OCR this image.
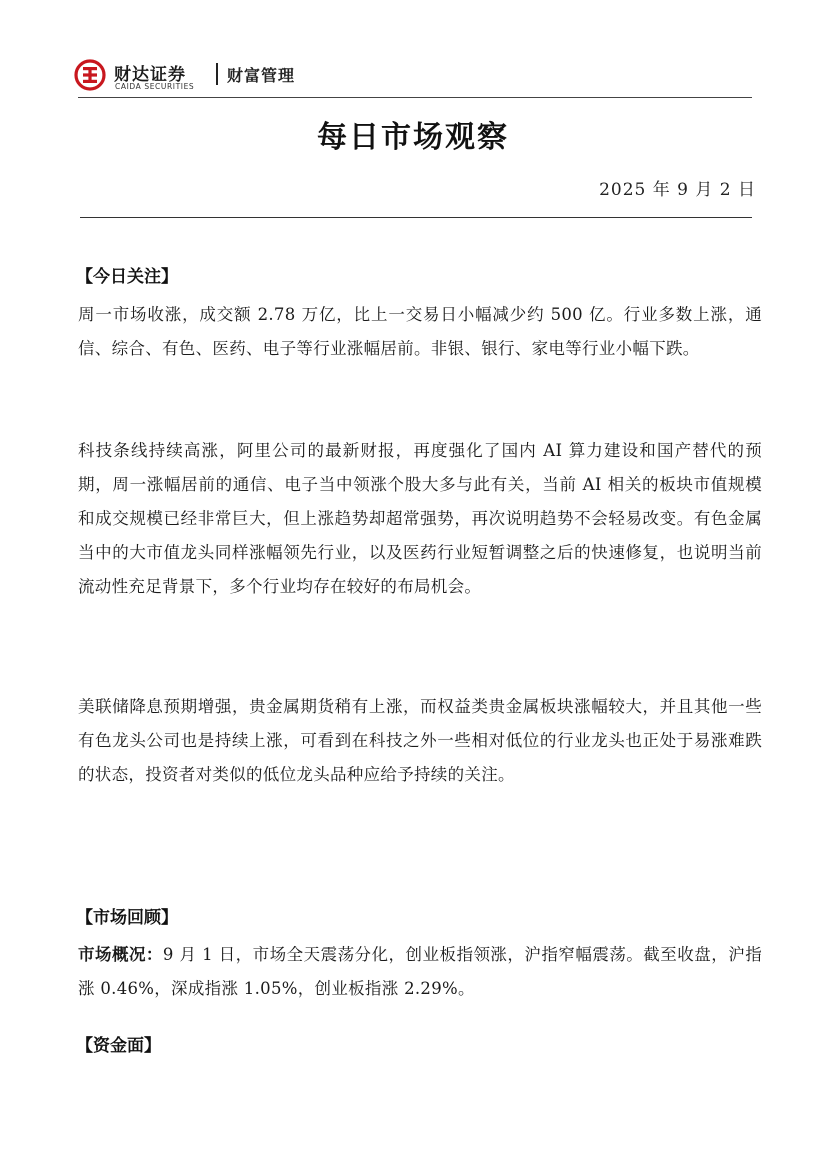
财达证券
CAIDA SECURITIES
财富管理
每日市场观察
2025 年 9 月 2 日
【今日关注】
周一市场收涨，成交额 2.78 万亿，比上一交易日小幅减少约 500 亿。行业多数上涨，通信、综合、有色、医药、电子等行业涨幅居前。非银、银行、家电等行业小幅下跌。
科技条线持续高涨，阿里公司的最新财报，再度强化了国内 AI 算力建设和国产替代的预期，周一涨幅居前的通信、电子当中领涨个股大多与此有关，当前 AI 相关的板块市值规模和成交规模已经非常巨大，但上涨趋势却超常强势，再次说明趋势不会轻易改变。有色金属当中的大市值龙头同样涨幅领先行业，以及医药行业短暂调整之后的快速修复，也说明当前流动性充足背景下，多个行业均存在较好的布局机会。
美联储降息预期增强，贵金属期货稍有上涨，而权益类贵金属板块涨幅较大，并且其他一些有色龙头公司也是持续上涨，可看到在科技之外一些相对低位的行业龙头也正处于易涨难跌的状态，投资者对类似的低位龙头品种应给予持续的关注。
【市场回顾】
市场概况：9 月 1 日，市场全天震荡分化，创业板指领涨，沪指窄幅震荡。截至收盘，沪指涨 0.46%，深成指涨 1.05%，创业板指涨 2.29%。
【资金面】
